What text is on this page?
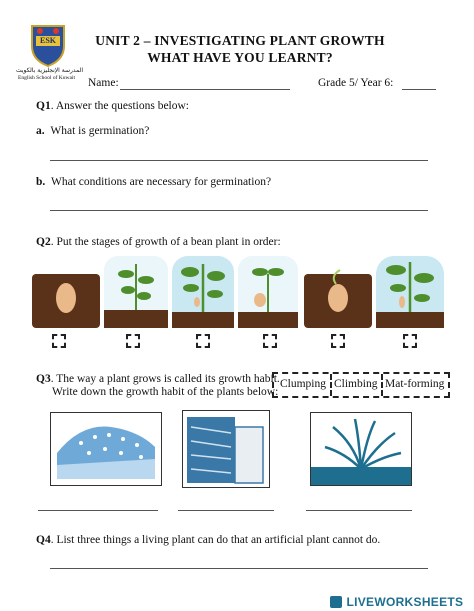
ESK
المدرسة الإنجليزية بالكويت
English School of Kuwait
UNIT 2 – INVESTIGATING PLANT GROWTH
WHAT HAVE YOU LEARNT?
Name:	Grade 5/ Year 6:
Q1. Answer the questions below:
a. What is germination?
b. What conditions are necessary for germination?
Q2. Put the stages of growth of a bean plant in order:
Q3. The way a plant grows is called its growth habit.
Write down the growth habit of the plants below:
Clumping Climbing Mat-forming
Q4. List three things a living plant can do that an artificial plant cannot do.
LIVEWORKSHEETS
